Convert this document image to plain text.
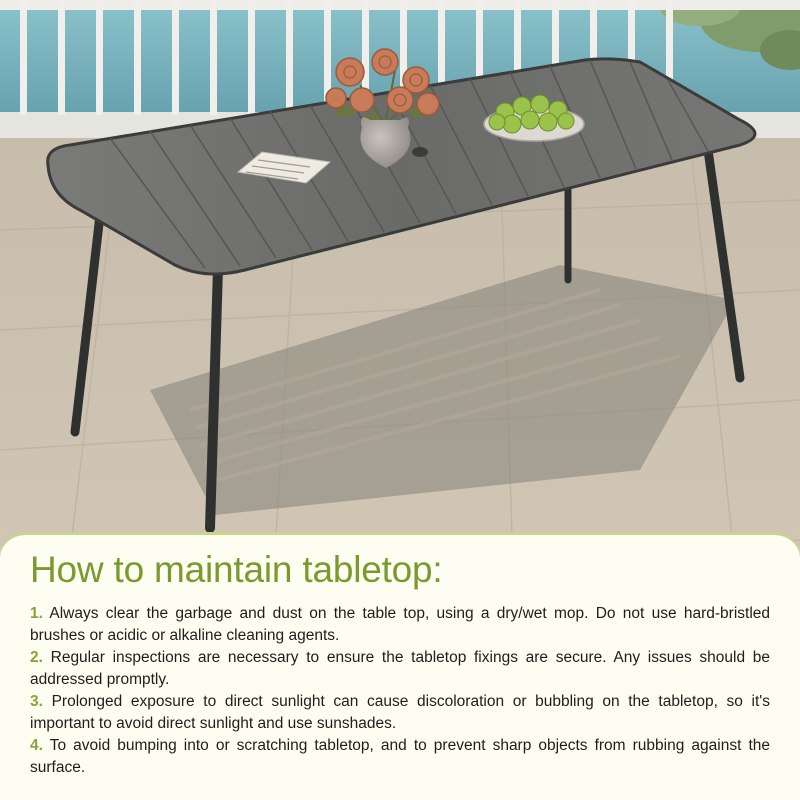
How to maintain tabletop:
1. Always clear the garbage and dust on the table top, using a dry/wet mop. Do not use hard-bristled brushes or acidic or alkaline cleaning agents.
2. Regular inspections are necessary to ensure the tabletop fixings are secure. Any issues should be addressed promptly.
3. Prolonged exposure to direct sunlight can cause discoloration or bubbling on the tabletop, so it's important to avoid direct sunlight and use sunshades.
4. To avoid bumping into or scratching tabletop, and to prevent sharp objects from rubbing against the surface.
